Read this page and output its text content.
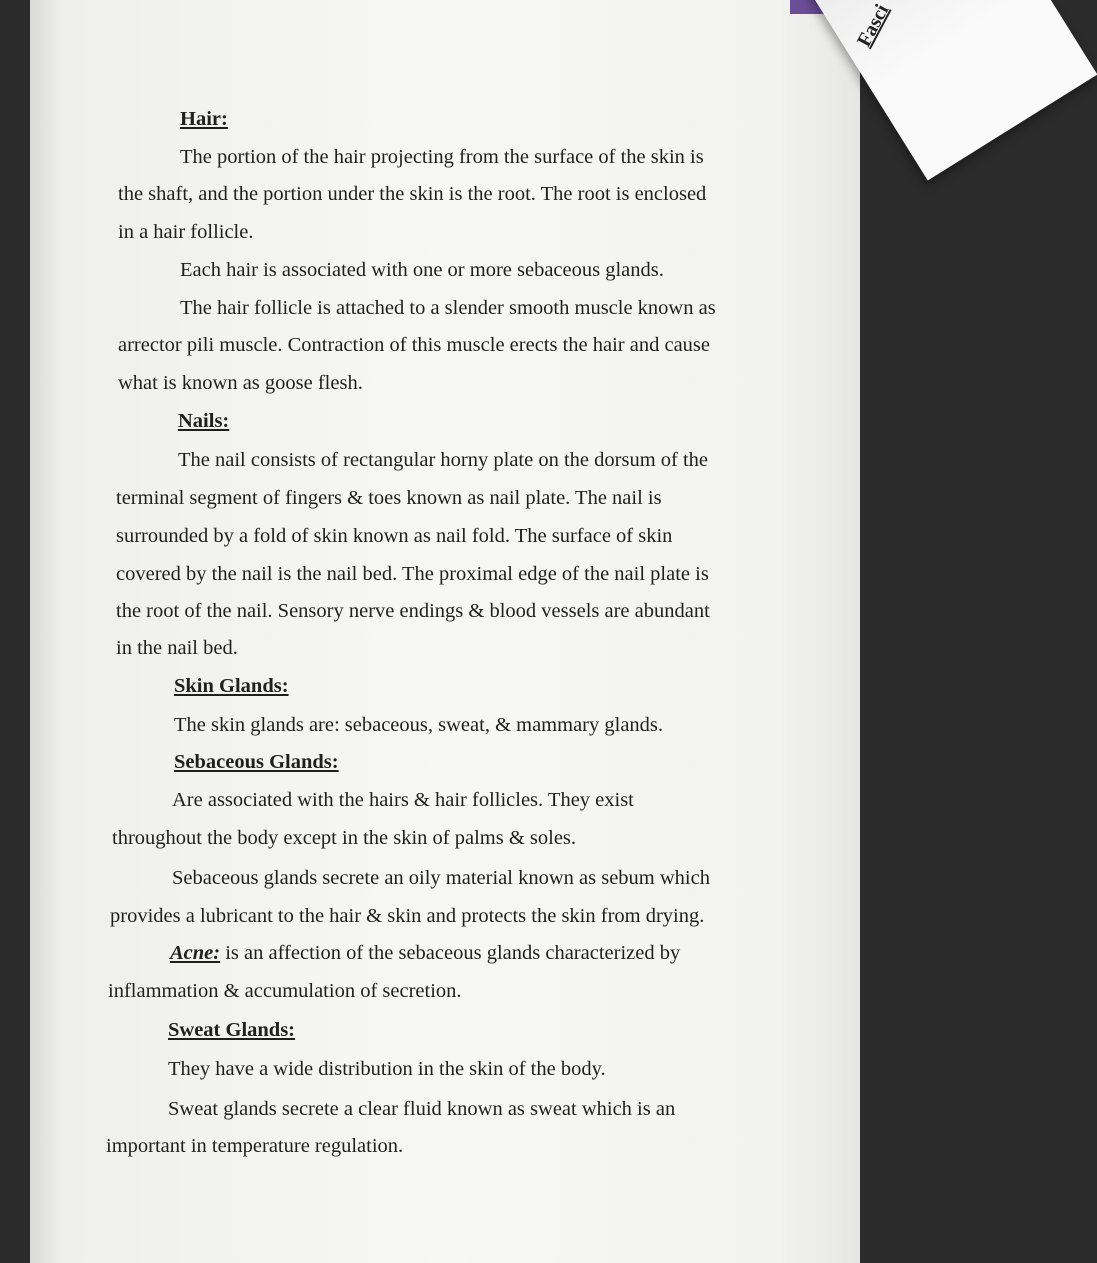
Fasci
Hair:
The portion of the hair projecting from the surface of the skin is
the shaft, and the portion under the skin is the root. The root is enclosed
in a hair follicle.
Each hair is associated with one or more sebaceous glands.
The hair follicle is attached to a slender smooth muscle known as
arrector pili muscle. Contraction of this muscle erects the hair and cause
what is known as goose flesh.
Nails:
The nail consists of rectangular horny plate on the dorsum of the
terminal segment of fingers & toes known as nail plate. The nail is
surrounded by a fold of skin known as nail fold. The surface of skin
covered by the nail is the nail bed. The proximal edge of the nail plate is
the root of the nail. Sensory nerve endings & blood vessels are abundant
in the nail bed.
Skin Glands:
The skin glands are: sebaceous, sweat, & mammary glands.
Sebaceous Glands:
Are associated with the hairs & hair follicles. They exist
throughout the body except in the skin of palms & soles.
Sebaceous glands secrete an oily material known as sebum which
provides a lubricant to the hair & skin and protects the skin from drying.
Acne: is an affection of the sebaceous glands characterized by
inflammation & accumulation of secretion.
Sweat Glands:
They have a wide distribution in the skin of the body.
Sweat glands secrete a clear fluid known as sweat which is an
important in temperature regulation.
